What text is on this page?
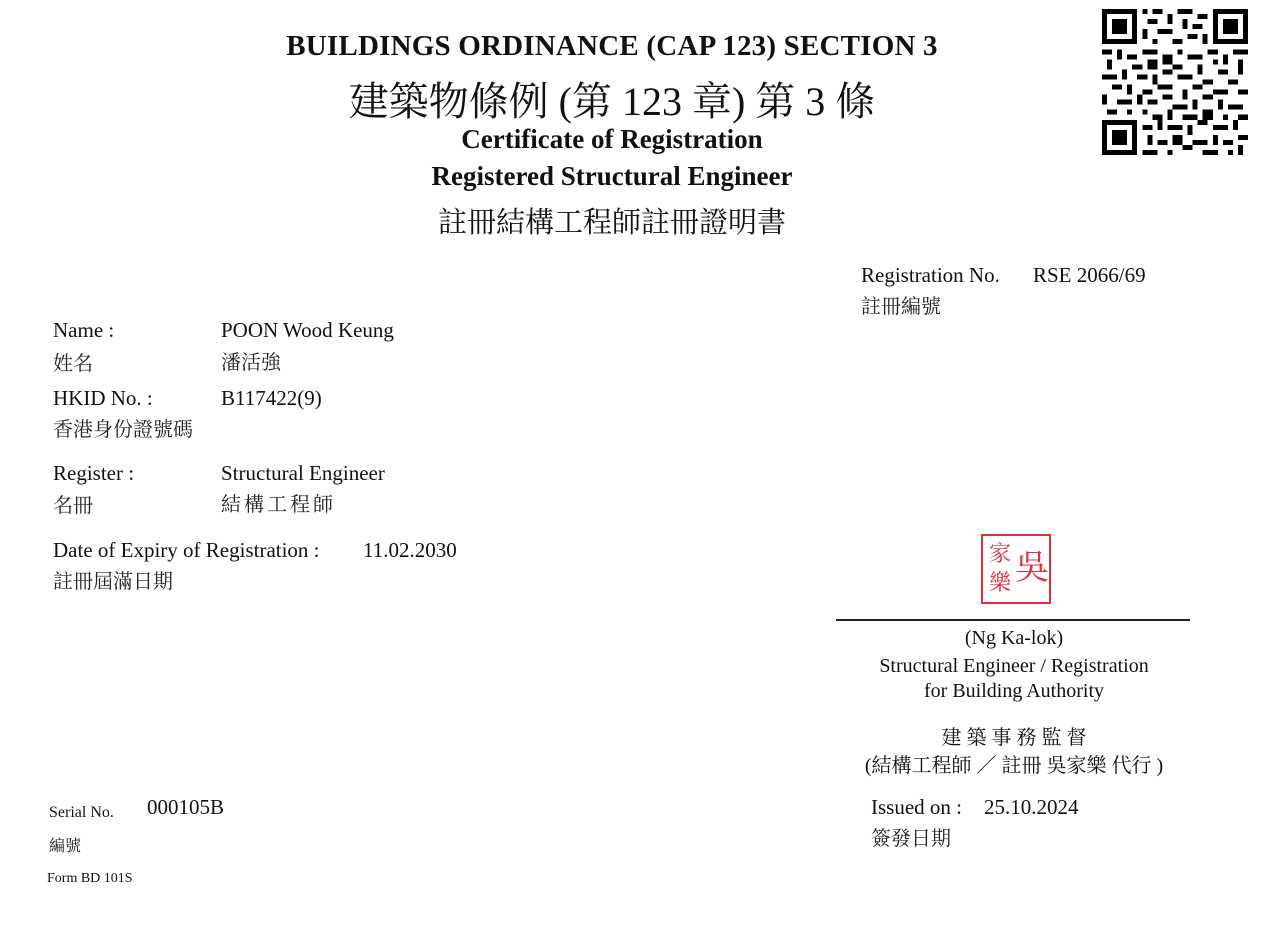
BUILDINGS ORDINANCE (CAP 123) SECTION 3
建築物條例 (第 123 章) 第 3 條
Certificate of Registration
Registered Structural Engineer
註冊結構工程師註冊證明書
Registration No. RSE 2066/69
註冊編號
Name :
姓名
POON Wood Keung
潘活強
HKID No. :
香港身份證號碼
B117422(9)
Register :
名冊
Structural Engineer
結構工程師
Date of Expiry of Registration : 11.02.2030
註冊屆滿日期
家
樂 吳
(Ng Ka-lok)
Structural Engineer / Registration
for Building Authority
建 築 事 務 監 督
(結構工程師 ／ 註冊 吳家樂 代行 )
Issued on : 25.10.2024
簽發日期
Serial No. 000105B
編號
Form BD 101S
